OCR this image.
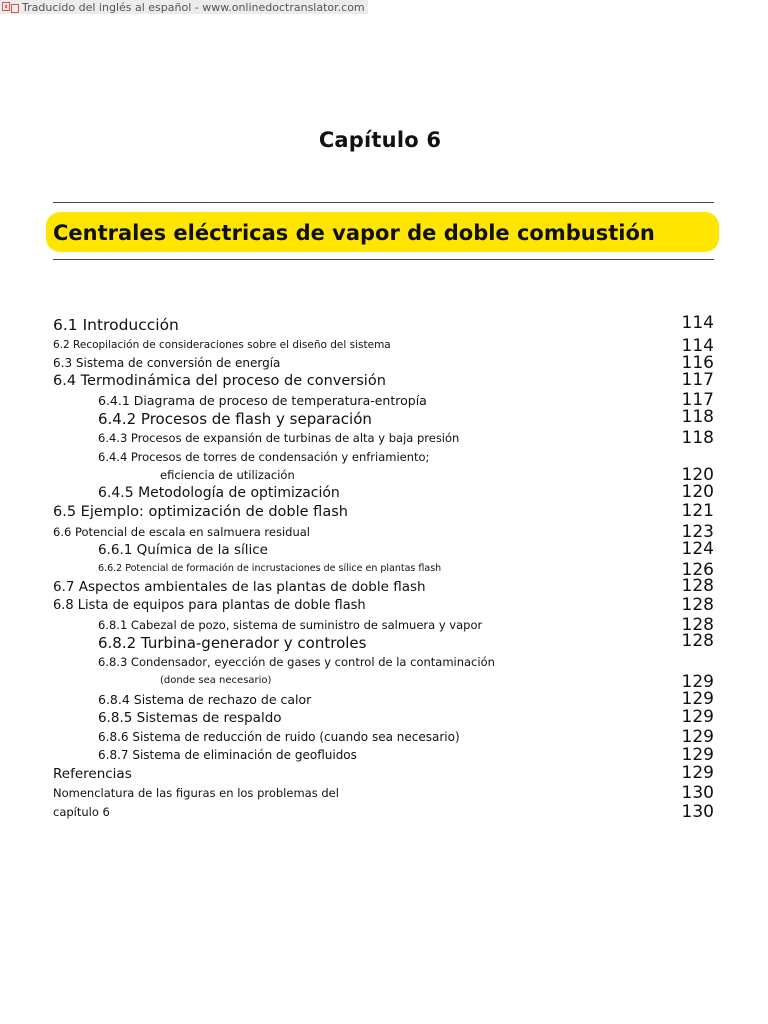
Traducido del inglés al español - www.onlinedoctranslator.com
Capítulo 6
Centrales eléctricas de vapor de doble combustión
6.1 Introducción	114
6.2 Recopilación de consideraciones sobre el diseño del sistema	114
6.3 Sistema de conversión de energía	116
6.4 Termodinámica del proceso de conversión	117
6.4.1 Diagrama de proceso de temperatura-entropía	117
6.4.2 Procesos de flash y separación	118
6.4.3 Procesos de expansión de turbinas de alta y baja presión	118
6.4.4 Procesos de torres de condensación y enfriamiento;
eficiencia de utilización	120
6.4.5 Metodología de optimización	120
6.5 Ejemplo: optimización de doble flash	121
6.6 Potencial de escala en salmuera residual	123
6.6.1 Química de la sílice	124
6.6.2 Potencial de formación de incrustaciones de sílice en plantas flash	126
6.7 Aspectos ambientales de las plantas de doble flash	128
6.8 Lista de equipos para plantas de doble flash	128
6.8.1 Cabezal de pozo, sistema de suministro de salmuera y vapor	128
6.8.2 Turbina-generador y controles	128
6.8.3 Condensador, eyección de gases y control de la contaminación
(donde sea necesario)	129
6.8.4 Sistema de rechazo de calor	129
6.8.5 Sistemas de respaldo	129
6.8.6 Sistema de reducción de ruido (cuando sea necesario)	129
6.8.7 Sistema de eliminación de geofluidos	129
Referencias	129
Nomenclatura de las figuras en los problemas del	130
capítulo 6	130
